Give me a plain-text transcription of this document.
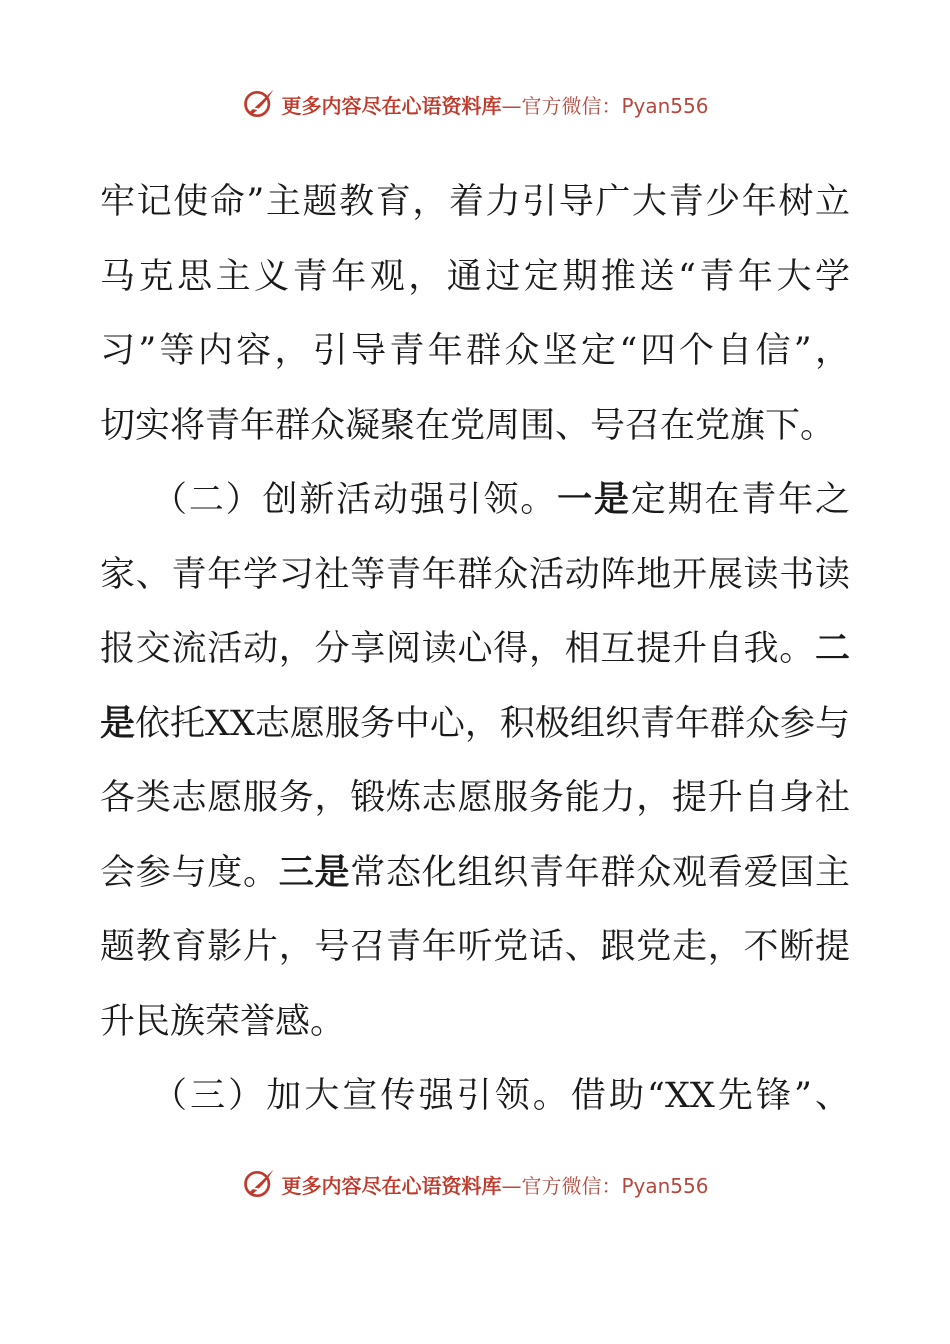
更多内容尽在心语资料库 —官方微信：Pyan556
牢记使命”主题教育，着力引导广大青少年树立
马克思主义青年观，通过定期推送“青年大学
习”等内容，引导青年群众坚定“四个自信”，
切实将青年群众凝聚在党周围、号召在党旗下。
（二）创新活动强引领。一是定期在青年之
家、青年学习社等青年群众活动阵地开展读书读
报交流活动，分享阅读心得，相互提升自我。二
是依托XX志愿服务中心，积极组织青年群众参与
各类志愿服务，锻炼志愿服务能力，提升自身社
会参与度。三是常态化组织青年群众观看爱国主
题教育影片，号召青年听党话、跟党走，不断提
升民族荣誉感。
（三）加大宣传强引领。借助“XX先锋”、
更多内容尽在心语资料库 —官方微信：Pyan556
